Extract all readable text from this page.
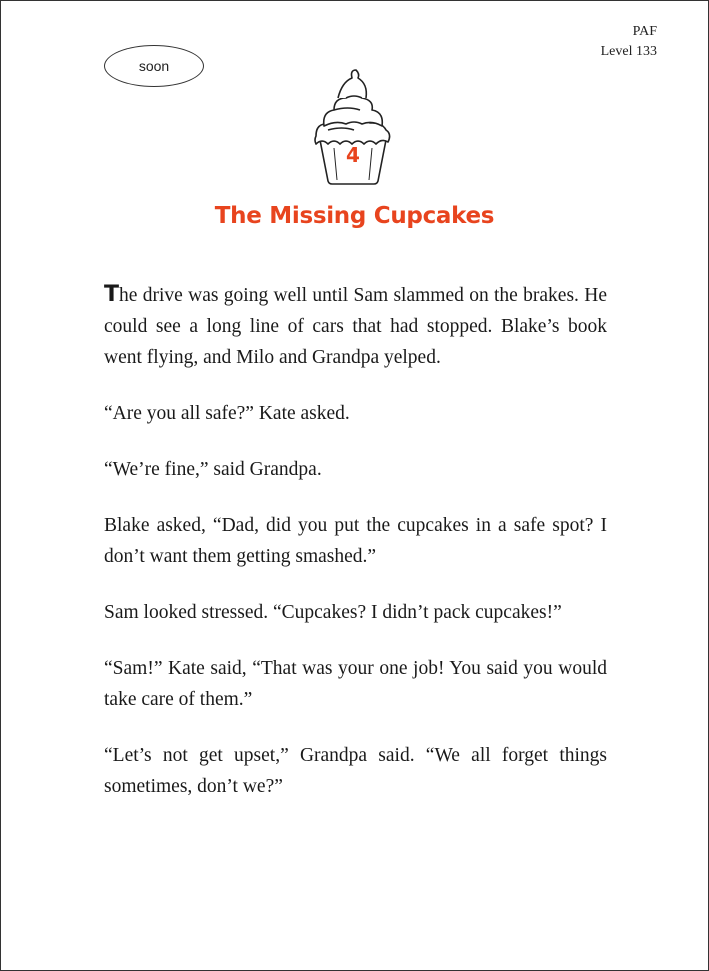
PAF
Level 133
soon
4
The Missing Cupcakes

The drive was going well until Sam slammed on the brakes. He could see a long line of cars that had stopped. Blake’s book went flying, and Milo and Grandpa yelped.

“Are you all safe?” Kate asked.

“We’re fine,” said Grandpa.

Blake asked, “Dad, did you put the cupcakes in a safe spot? I don’t want them getting smashed.”

Sam looked stressed. “Cupcakes? I didn’t pack cupcakes!”

“Sam!” Kate said, “That was your one job! You said you would take care of them.”

“Let’s not get upset,” Grandpa said. “We all forget things sometimes, don’t we?”
